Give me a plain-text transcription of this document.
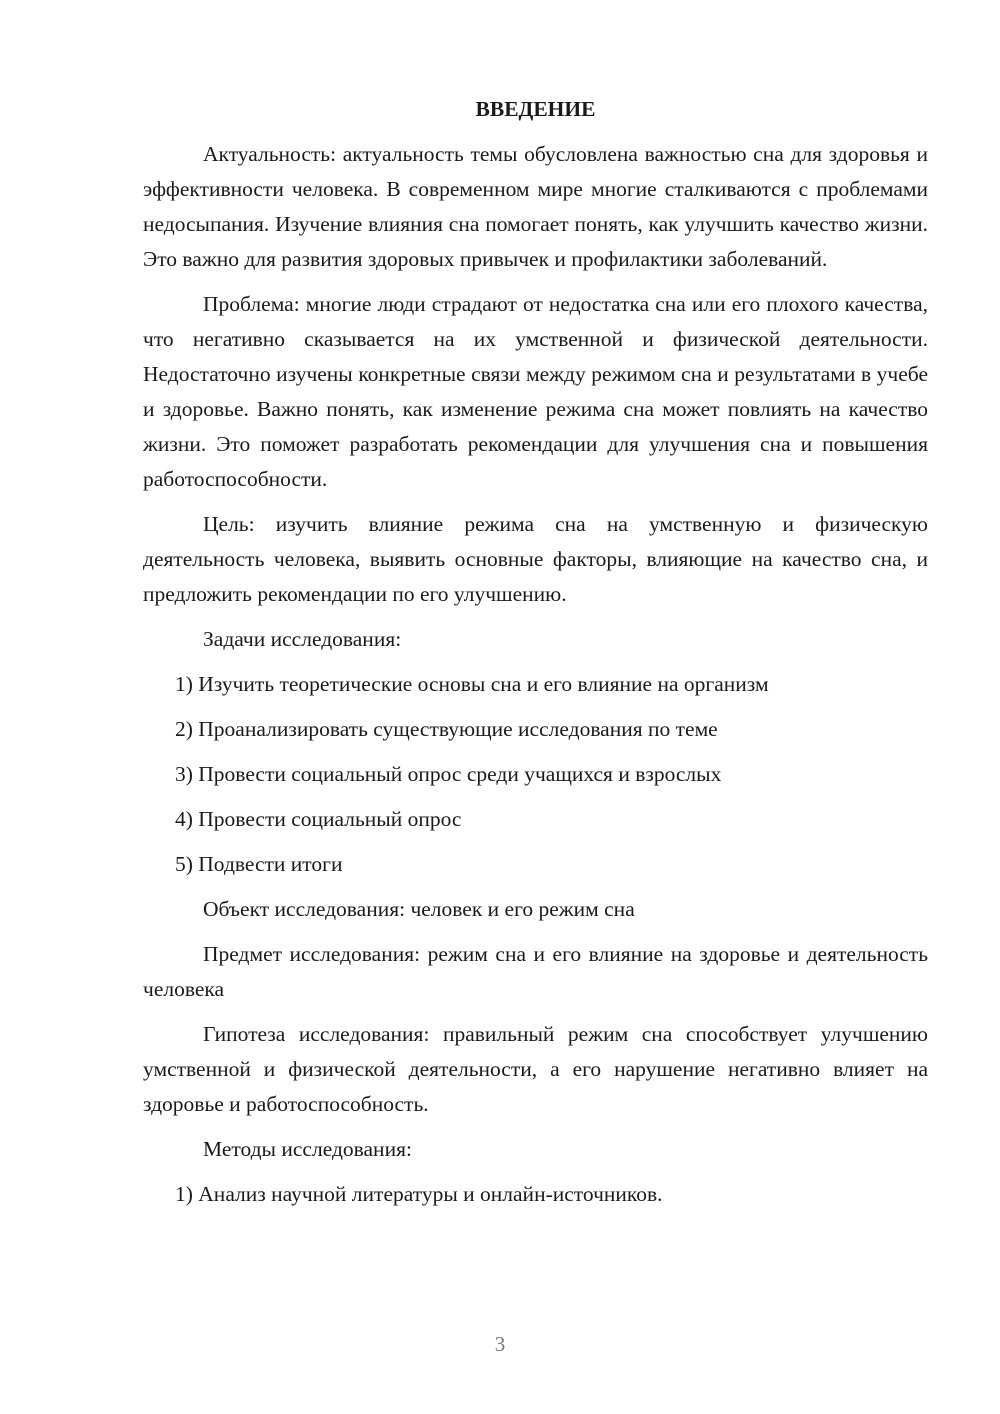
ВВЕДЕНИЕ

Актуальность: актуальность темы обусловлена важностью сна для здоровья и эффективности человека. В современном мире многие сталкиваются с проблемами недосыпания. Изучение влияния сна помогает понять, как улучшить качество жизни. Это важно для развития здоровых привычек и профилактики заболеваний.

Проблема: многие люди страдают от недостатка сна или его плохого качества, что негативно сказывается на их умственной и физической деятельности. Недостаточно изучены конкретные связи между режимом сна и результатами в учебе и здоровье. Важно понять, как изменение режима сна может повлиять на качество жизни. Это поможет разработать рекомендации для улучшения сна и повышения работоспособности.

Цель: изучить влияние режима сна на умственную и физическую деятельность человека, выявить основные факторы, влияющие на качество сна, и предложить рекомендации по его улучшению.

Задачи исследования:

1) Изучить теоретические основы сна и его влияние на организм

2) Проанализировать существующие исследования по теме

3) Провести социальный опрос среди учащихся и взрослых

4) Провести социальный опрос

5) Подвести итоги

Объект исследования: человек и его режим сна

Предмет исследования: режим сна и его влияние на здоровье и деятельность человека

Гипотеза исследования: правильный режим сна способствует улучшению умственной и физической деятельности, а его нарушение негативно влияет на здоровье и работоспособность.

Методы исследования:

1) Анализ научной литературы и онлайн-источников.

3
